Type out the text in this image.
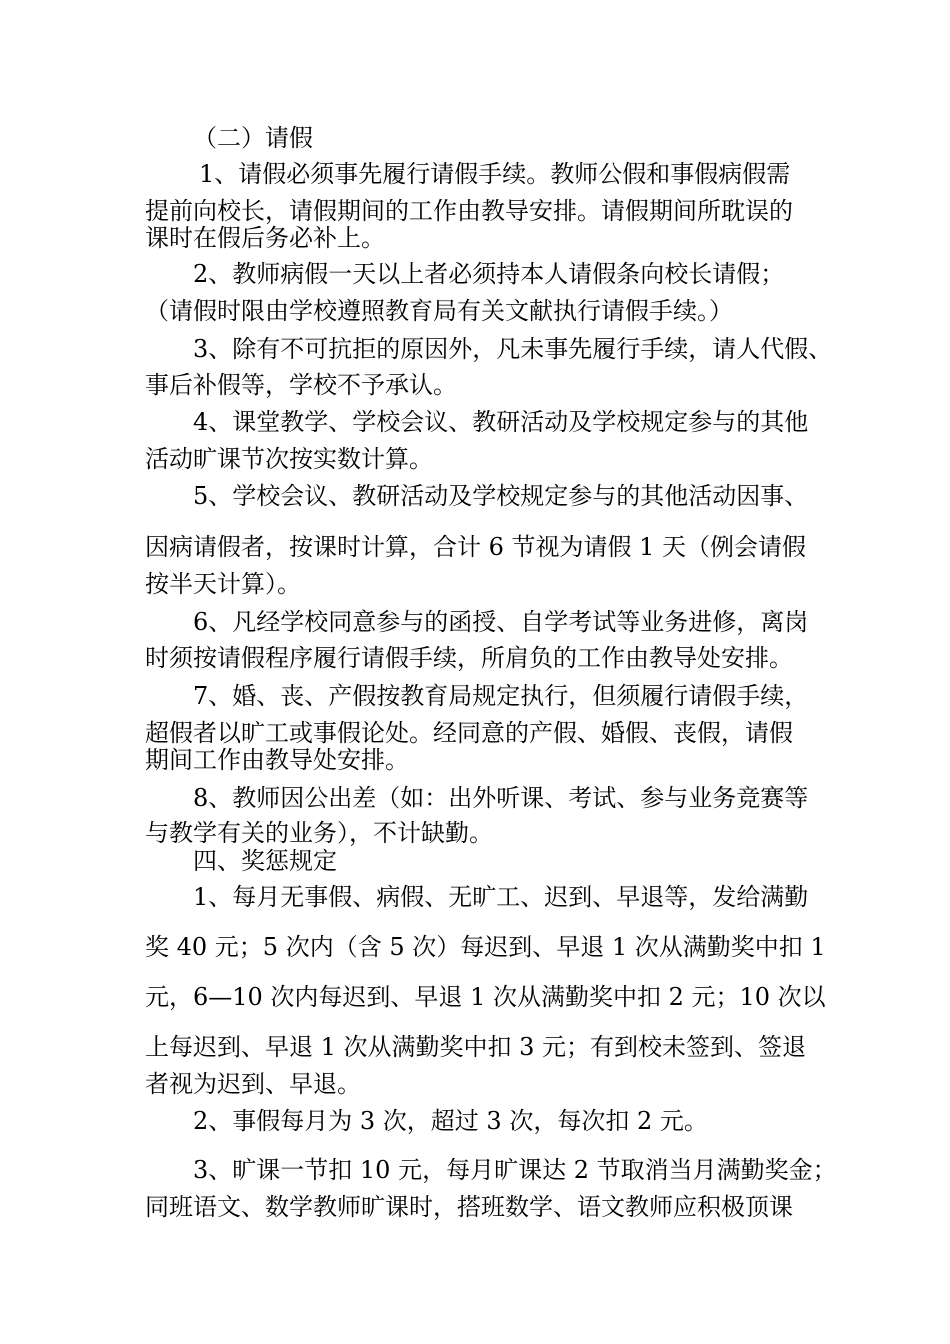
（二）请假

1、请假必须事先履行请假手续。教师公假和事假病假需

提前向校长，请假期间的工作由教导安排。请假期间所耽误的

课时在假后务必补上。

2、教师病假一天以上者必须持本人请假条向校长请假；

（请假时限由学校遵照教育局有关文献执行请假手续。）

3、除有不可抗拒的原因外，凡未事先履行手续，请人代假、

事后补假等，学校不予承认。

4、课堂教学、学校会议、教研活动及学校规定参与的其他

活动旷课节次按实数计算。

5、学校会议、教研活动及学校规定参与的其他活动因事、

因病请假者，按课时计算，合计 6 节视为请假 1 天（例会请假

按半天计算）。

6、凡经学校同意参与的函授、自学考试等业务进修，离岗

时须按请假程序履行请假手续，所肩负的工作由教导处安排。

7、婚、丧、产假按教育局规定执行，但须履行请假手续，

超假者以旷工或事假论处。经同意的产假、婚假、丧假，请假

期间工作由教导处安排。

8、教师因公出差（如：出外听课、考试、参与业务竞赛等

与教学有关的业务），不计缺勤。

四、奖惩规定

1、每月无事假、病假、无旷工、迟到、早退等，发给满勤

奖 40 元；5 次内（含 5 次）每迟到、早退 1 次从满勤奖中扣 1

元，6—10 次内每迟到、早退 1 次从满勤奖中扣 2 元；10 次以

上每迟到、早退 1 次从满勤奖中扣 3 元；有到校未签到、签退

者视为迟到、早退。

2、事假每月为 3 次，超过 3 次，每次扣 2 元。

3、旷课一节扣 10 元，每月旷课达 2 节取消当月满勤奖金；

同班语文、数学教师旷课时，搭班数学、语文教师应积极顶课
